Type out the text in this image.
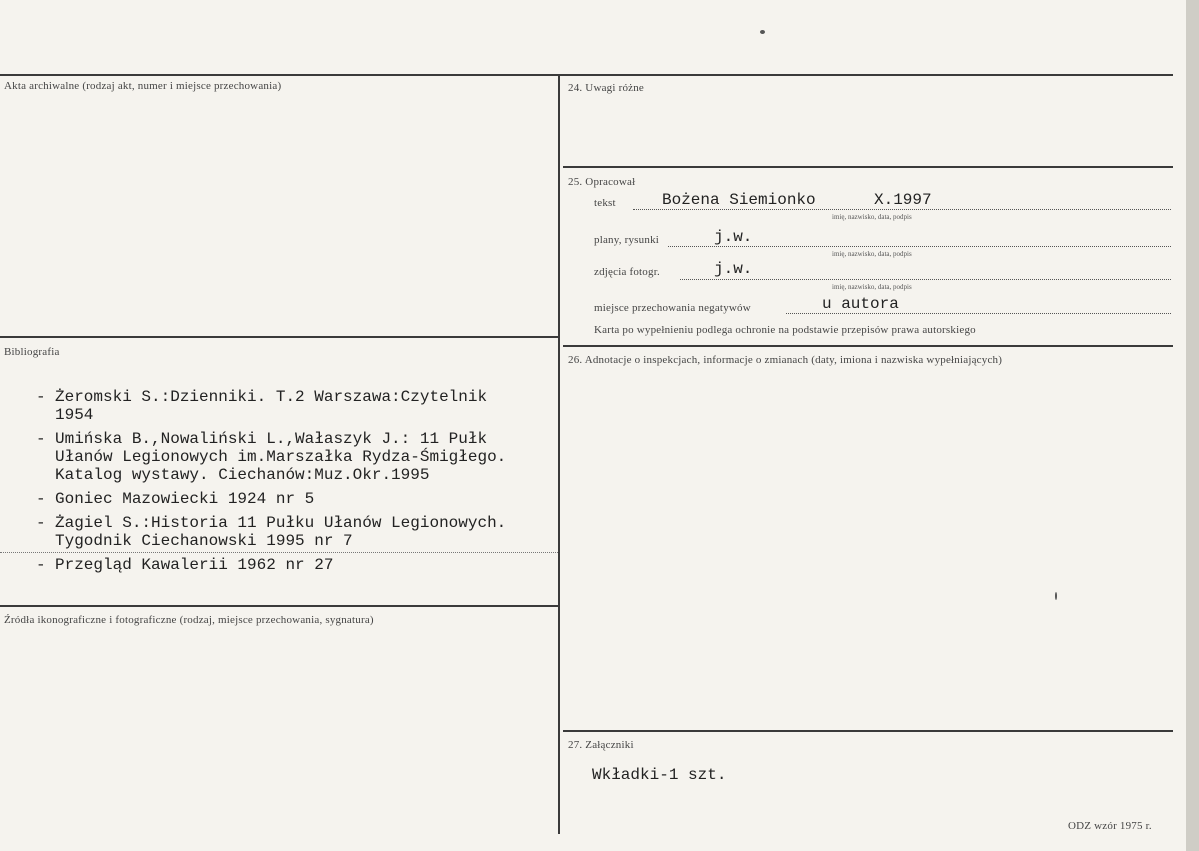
Akta archiwalne (rodzaj akt, numer i miejsce przechowania)
Bibliografia
- Żeromski S.:Dzienniki. T.2 Warszawa:Czytelnik
1954
- Umińska B.,Nowaliński L.,Wałaszyk J.: 11 Pułk
Ułanów Legionowych im.Marszałka Rydza-Śmigłego.
Katalog wystawy. Ciechanów:Muz.Okr.1995
- Goniec Mazowiecki 1924 nr 5
- Żagiel S.:Historia 11 Pułku Ułanów Legionowych.
Tygodnik Ciechanowski 1995 nr 7
- Przegląd Kawalerii 1962 nr 27
Źródła ikonograficzne i fotograficzne (rodzaj, miejsce przechowania, sygnatura)
24. Uwagi różne
25. Opracował
tekst	Bożena Siemionko	X.1997
imię, nazwisko, data, podpis
plany, rysunki	j.w.
imię, nazwisko, data, podpis
zdjęcia fotogr.	j.w.
imię, nazwisko, data, podpis
miejsce przechowania negatywów	u autora
Karta po wypełnieniu podlega ochronie na podstawie przepisów prawa autorskiego
26. Adnotacje o inspekcjach, informacje o zmianach (daty, imiona i nazwiska wypełniających)
27. Załączniki
Wkładki-1 szt.
ODZ wzór 1975 r.
